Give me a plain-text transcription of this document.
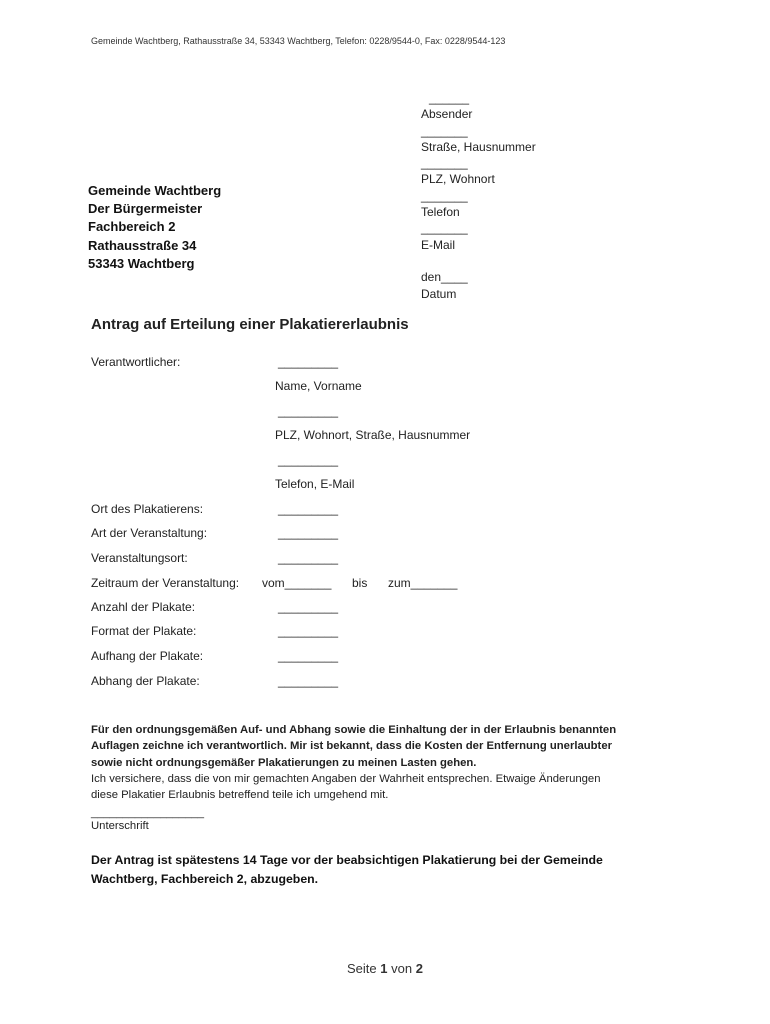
Gemeinde Wachtberg, Rathausstraße 34, 53343 Wachtberg, Telefon: 0228/9544-0, Fax: 0228/9544-123
______
Absender
_______
Straße, Hausnummer
_______
PLZ, Wohnort
_______
Telefon
_______
E-Mail
den____
Datum
Gemeinde Wachtberg
Der Bürgermeister
Fachbereich 2
Rathausstraße 34
53343 Wachtberg
Antrag auf Erteilung einer Plakatiererlaubnis
Verantwortlicher:	_________
Name, Vorname
_________
PLZ, Wohnort, Straße, Hausnummer
_________
Telefon, E-Mail
Ort des Plakatierens:	_________
Art der Veranstaltung:	_________
Veranstaltungsort:	_________
Zeitraum der Veranstaltung: vom_______ bis zum_______
Anzahl der Plakate:	_________
Format der Plakate:	_________
Aufhang der Plakate:	_________
Abhang der Plakate:	_________
Für den ordnungsgemäßen Auf- und Abhang sowie die Einhaltung der in der Erlaubnis benannten
Auflagen zeichne ich verantwortlich. Mir ist bekannt, dass die Kosten der Entfernung unerlaubter
sowie nicht ordnungsgemäßer Plakatierungen zu meinen Lasten gehen.
Ich versichere, dass die von mir gemachten Angaben der Wahrheit entsprechen. Etwaige Änderungen
diese Plakatier Erlaubnis betreffend teile ich umgehend mit.
__________________
Unterschrift
Der Antrag ist spätestens 14 Tage vor der beabsichtigen Plakatierung bei der Gemeinde
Wachtberg, Fachbereich 2, abzugeben.
Seite 1 von 2
